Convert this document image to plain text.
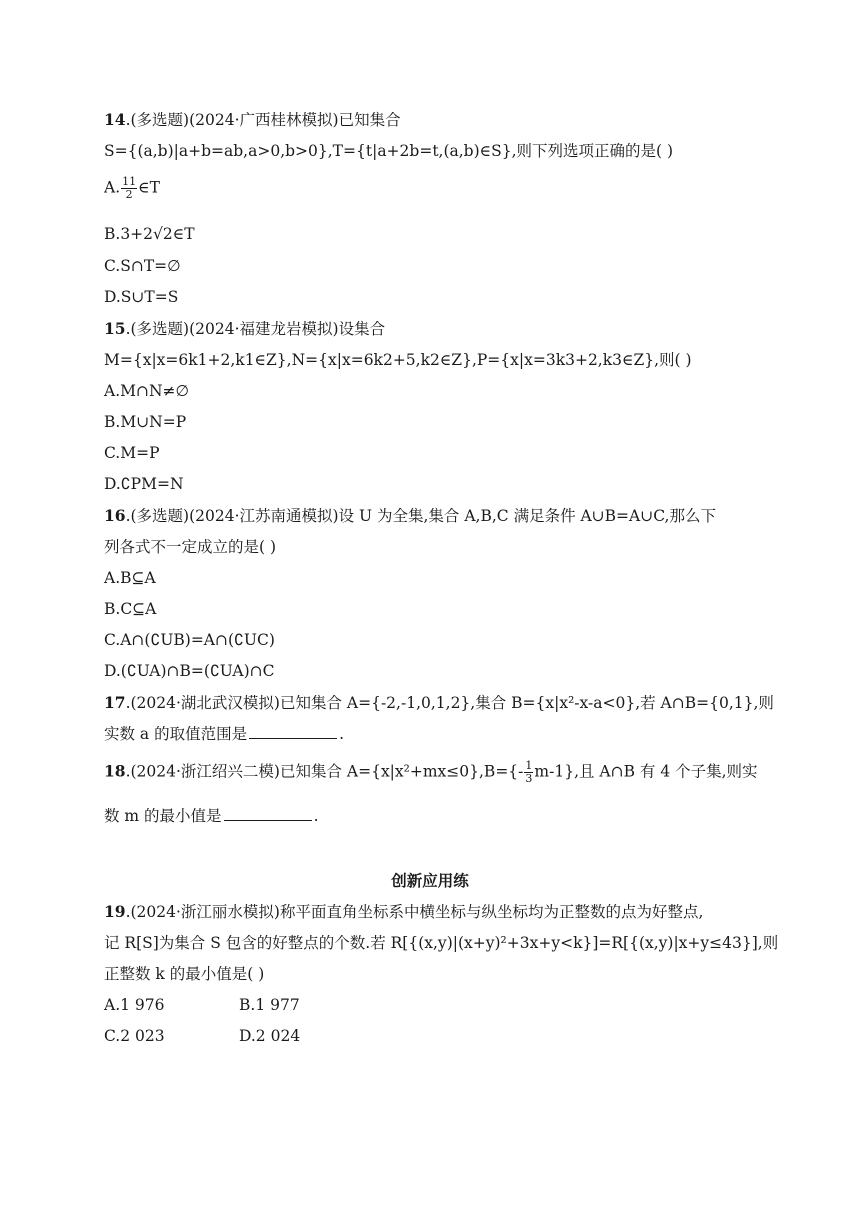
14.(多选题)(2024·广西桂林模拟)已知集合
S={(a,b)|a+b=ab,a>0,b>0},T={t|a+2b=t,(a,b)∈S},则下列选项正确的是( )
A. $\frac{11}{2}$ ∈T
B.3+2√2∈T
C.S∩T=∅
D.S∪T=S
15.(多选题)(2024·福建龙岩模拟)设集合
M={x|x=6k1+2,k1∈Z},N={x|x=6k2+5,k2∈Z},P={x|x=3k3+2,k3∈Z},则( )
A.M∩N≠∅
B.M∪N=P
C.M=P
D.∁PM=N
16.(多选题)(2024·江苏南通模拟)设 U 为全集,集合 A,B,C 满足条件 A∪B=A∪C,那么下
列各式不一定成立的是( )
A.B⊆A
B.C⊆A
C.A∩(∁UB)=A∩(∁UC)
D.(∁UA)∩B=(∁UA)∩C
17.(2024·湖北武汉模拟)已知集合 A={-2,-1,0,1,2},集合 B={x|x²-x-a<0},若 A∩B={0,1},则
实数 a 的取值范围是	.
18.(2024·浙江绍兴二模)已知集合 $A=\{x|x^2+mx\le 0\},B=\{- \frac{1}{3} m-1\}$,且 A∩B 有 4 个子集,则实
数 m 的最小值是	.
创新应用练
19.(2024·浙江丽水模拟)称平面直角坐标系中横坐标与纵坐标均为正整数的点为好整点,
记 R[S]为集合 S 包含的好整点的个数.若 R[{(x,y)|(x+y)²+3x+y<k}]=R[{(x,y)|x+y≤43}],则
正整数 k 的最小值是( )
A.1 976	B.1 977
C.2 023	D.2 024
